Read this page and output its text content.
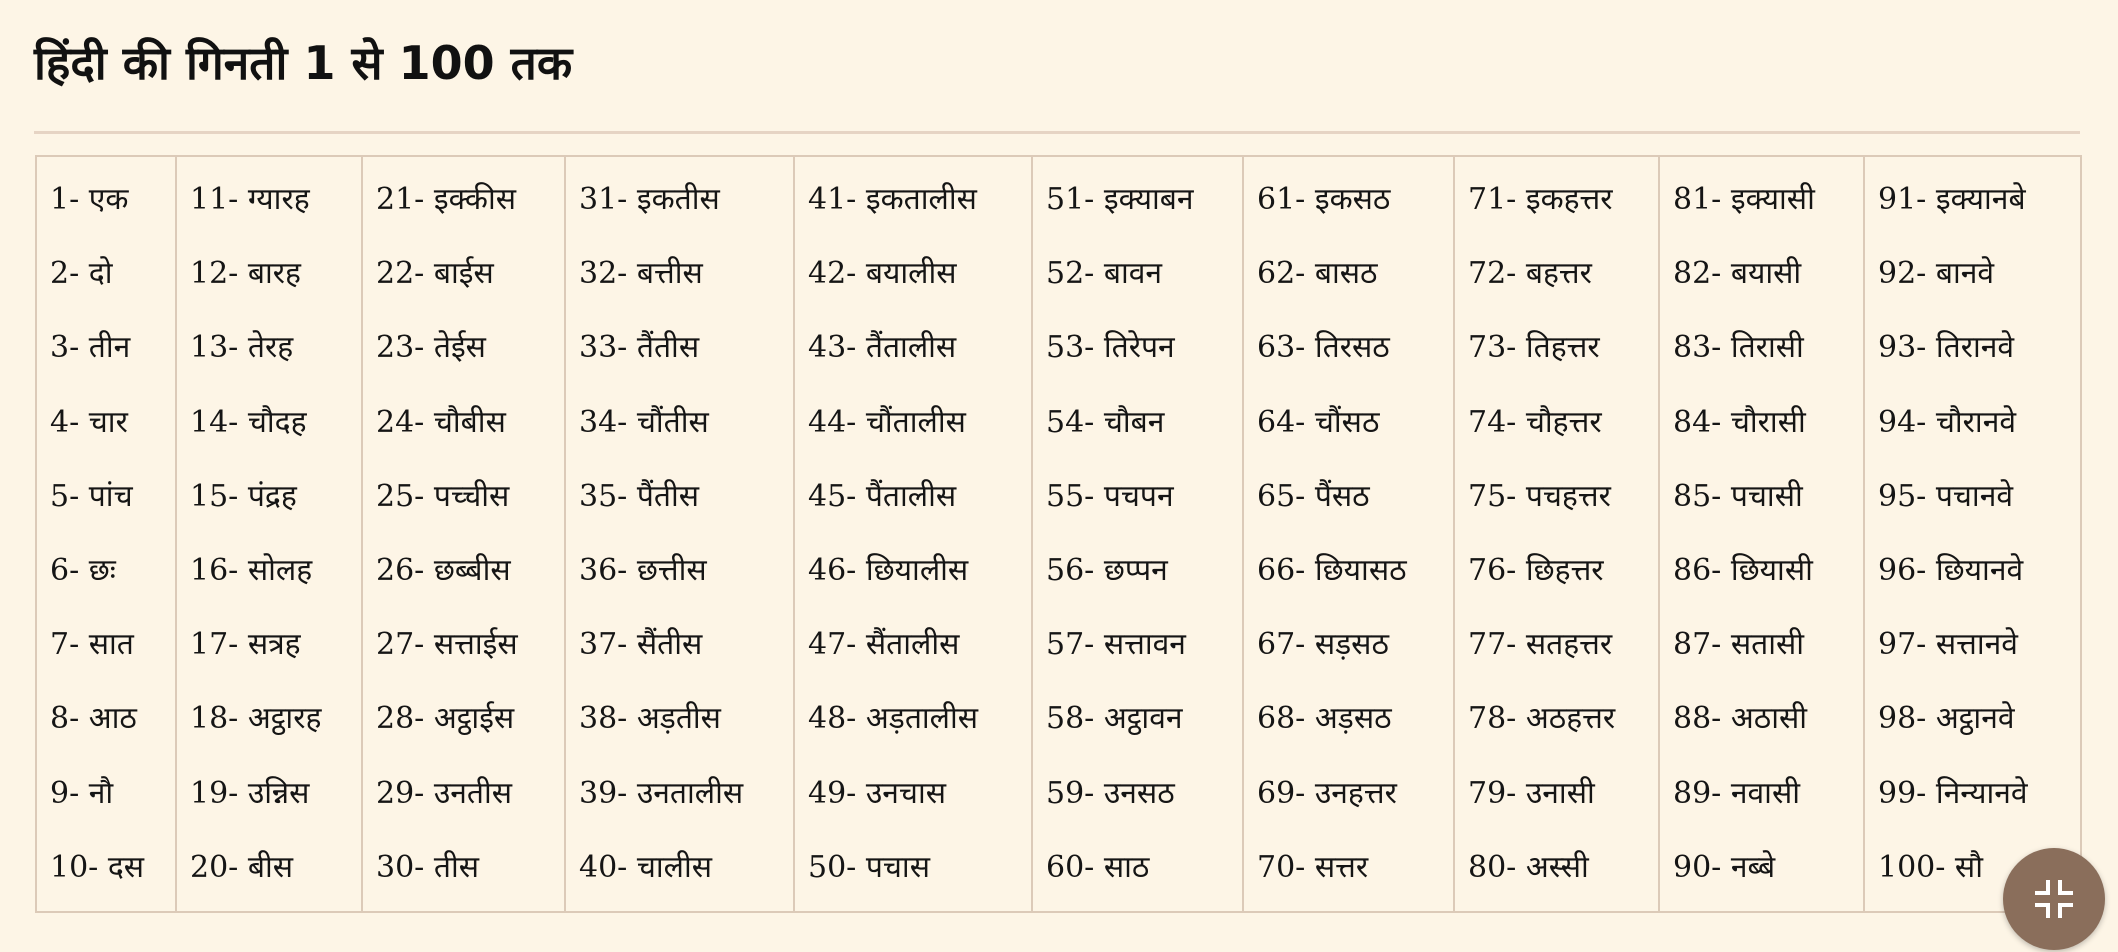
हिंदी की गिनती 1 से 100 तक
1- एक	11- ग्यारह	21- इक्कीस	31- इकतीस	41- इकतालीस	51- इक्याबन	61- इकसठ	71- इकहत्तर	81- इक्यासी	91- इक्यानबे
2- दो	12- बारह	22- बाईस	32- बत्तीस	42- बयालीस	52- बावन	62- बासठ	72- बहत्तर	82- बयासी	92- बानवे
3- तीन	13- तेरह	23- तेईस	33- तैंतीस	43- तैंतालीस	53- तिरेपन	63- तिरसठ	73- तिहत्तर	83- तिरासी	93- तिरानवे
4- चार	14- चौदह	24- चौबीस	34- चौंतीस	44- चौंतालीस	54- चौबन	64- चौंसठ	74- चौहत्तर	84- चौरासी	94- चौरानवे
5- पांच	15- पंद्रह	25- पच्चीस	35- पैंतीस	45- पैंतालीस	55- पचपन	65- पैंसठ	75- पचहत्तर	85- पचासी	95- पचानवे
6- छः	16- सोलह	26- छब्बीस	36- छत्तीस	46- छियालीस	56- छप्पन	66- छियासठ	76- छिहत्तर	86- छियासी	96- छियानवे
7- सात	17- सत्रह	27- सत्ताईस	37- सैंतीस	47- सैंतालीस	57- सत्तावन	67- सड़सठ	77- सतहत्तर	87- सतासी	97- सत्तानवे
8- आठ	18- अट्ठारह	28- अट्ठाईस	38- अड़तीस	48- अड़तालीस	58- अट्ठावन	68- अड़सठ	78- अठहत्तर	88- अठासी	98- अट्ठानवे
9- नौ	19- उन्निस	29- उनतीस	39- उनतालीस	49- उनचास	59- उनसठ	69- उनहत्तर	79- उनासी	89- नवासी	99- निन्यानवे
10- दस	20- बीस	30- तीस	40- चालीस	50- पचास	60- साठ	70- सत्तर	80- अस्सी	90- नब्बे	100- सौ
